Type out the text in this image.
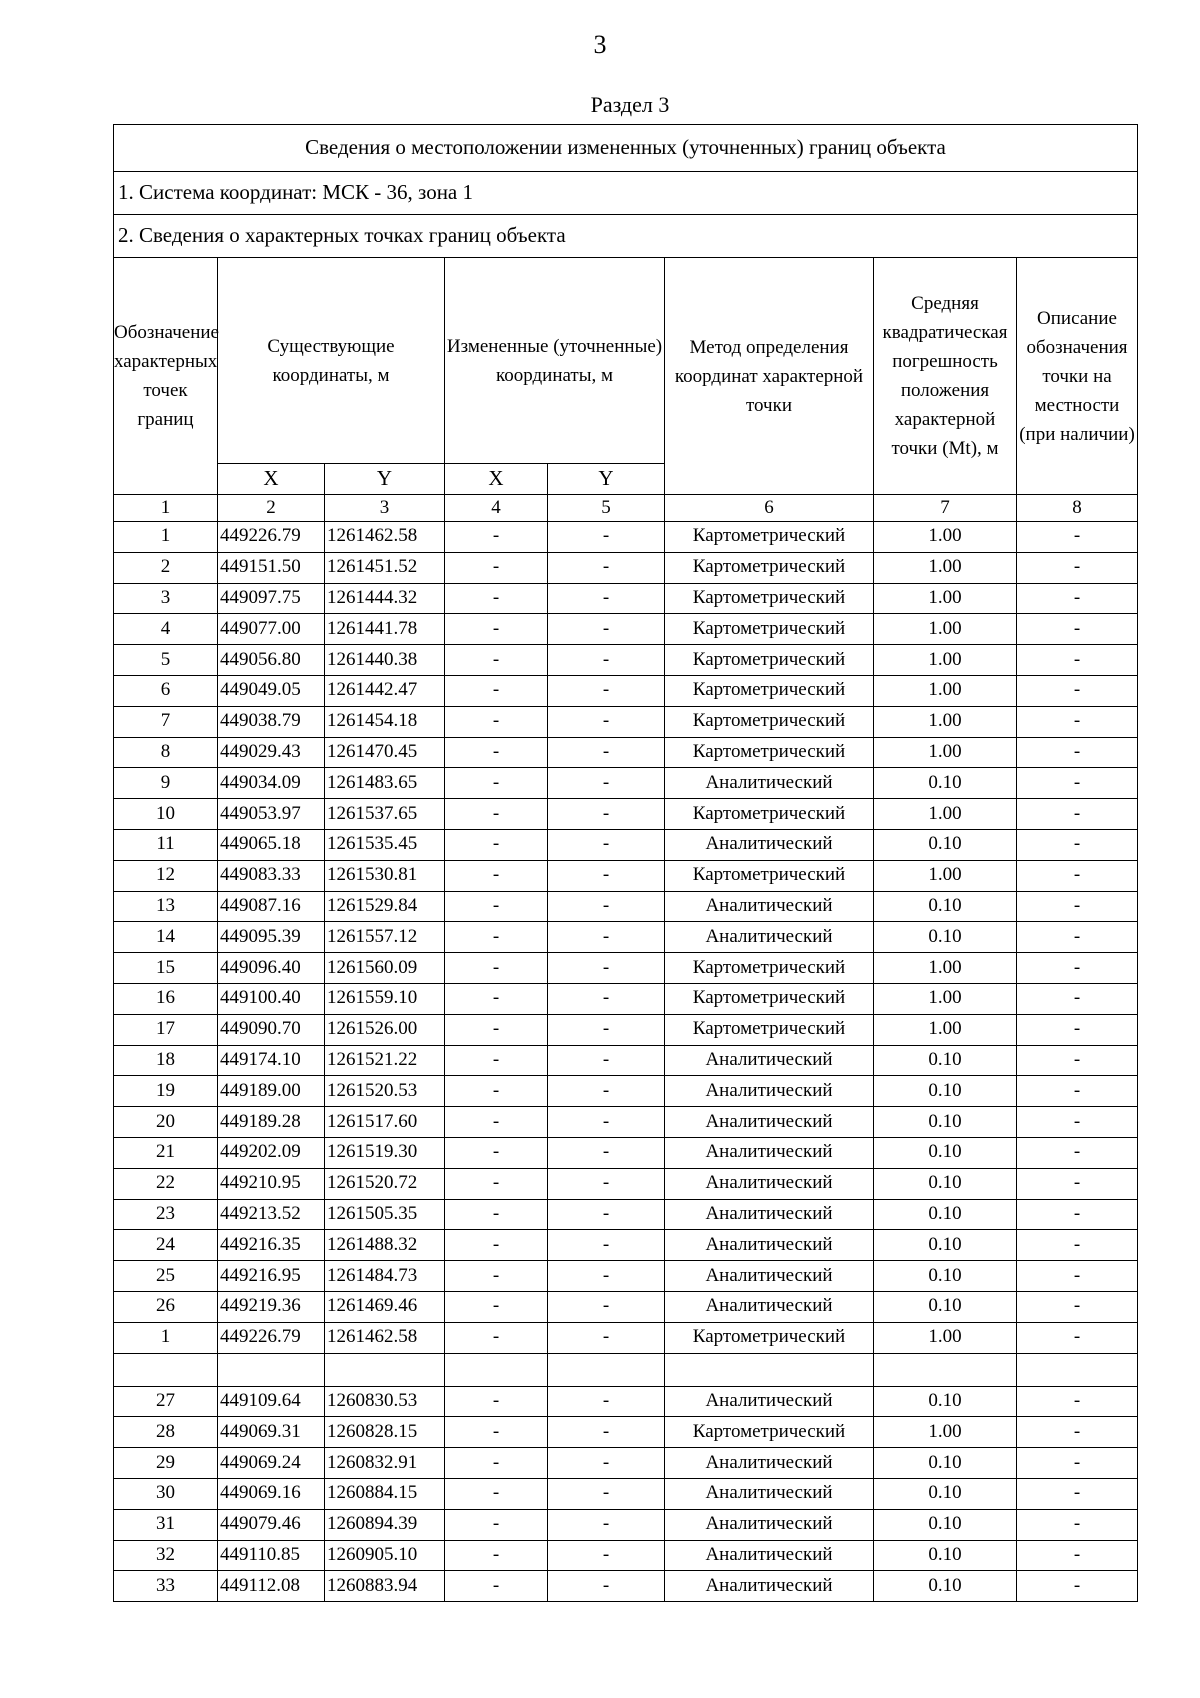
3
Раздел 3
Сведения о местоположении измененных (уточненных) границ объекта							
1. Система координат: МСК - 36, зона 1							
2. Сведения о характерных точках границ объекта							
Обозначение характерных точек границ	Существующие координаты, м		Измененные (уточненные) координаты, м		Метод определения координат характерной точки	Средняя квадратическая погрешность положения характерной точки (Mt), м	Описание обозначения точки на местности (при наличии)
	X	Y	X	Y			
1	2	3	4	5	6	7	8
1	449226.79	1261462.58	-	-	Картометрический	1.00	-
2	449151.50	1261451.52	-	-	Картометрический	1.00	-
3	449097.75	1261444.32	-	-	Картометрический	1.00	-
4	449077.00	1261441.78	-	-	Картометрический	1.00	-
5	449056.80	1261440.38	-	-	Картометрический	1.00	-
6	449049.05	1261442.47	-	-	Картометрический	1.00	-
7	449038.79	1261454.18	-	-	Картометрический	1.00	-
8	449029.43	1261470.45	-	-	Картометрический	1.00	-
9	449034.09	1261483.65	-	-	Аналитический	0.10	-
10	449053.97	1261537.65	-	-	Картометрический	1.00	-
11	449065.18	1261535.45	-	-	Аналитический	0.10	-
12	449083.33	1261530.81	-	-	Картометрический	1.00	-
13	449087.16	1261529.84	-	-	Аналитический	0.10	-
14	449095.39	1261557.12	-	-	Аналитический	0.10	-
15	449096.40	1261560.09	-	-	Картометрический	1.00	-
16	449100.40	1261559.10	-	-	Картометрический	1.00	-
17	449090.70	1261526.00	-	-	Картометрический	1.00	-
18	449174.10	1261521.22	-	-	Аналитический	0.10	-
19	449189.00	1261520.53	-	-	Аналитический	0.10	-
20	449189.28	1261517.60	-	-	Аналитический	0.10	-
21	449202.09	1261519.30	-	-	Аналитический	0.10	-
22	449210.95	1261520.72	-	-	Аналитический	0.10	-
23	449213.52	1261505.35	-	-	Аналитический	0.10	-
24	449216.35	1261488.32	-	-	Аналитический	0.10	-
25	449216.95	1261484.73	-	-	Аналитический	0.10	-
26	449219.36	1261469.46	-	-	Аналитический	0.10	-
1	449226.79	1261462.58	-	-	Картометрический	1.00	-

27	449109.64	1260830.53	-	-	Аналитический	0.10	-
28	449069.31	1260828.15	-	-	Картометрический	1.00	-
29	449069.24	1260832.91	-	-	Аналитический	0.10	-
30	449069.16	1260884.15	-	-	Аналитический	0.10	-
31	449079.46	1260894.39	-	-	Аналитический	0.10	-
32	449110.85	1260905.10	-	-	Аналитический	0.10	-
33	449112.08	1260883.94	-	-	Аналитический	0.10	-
